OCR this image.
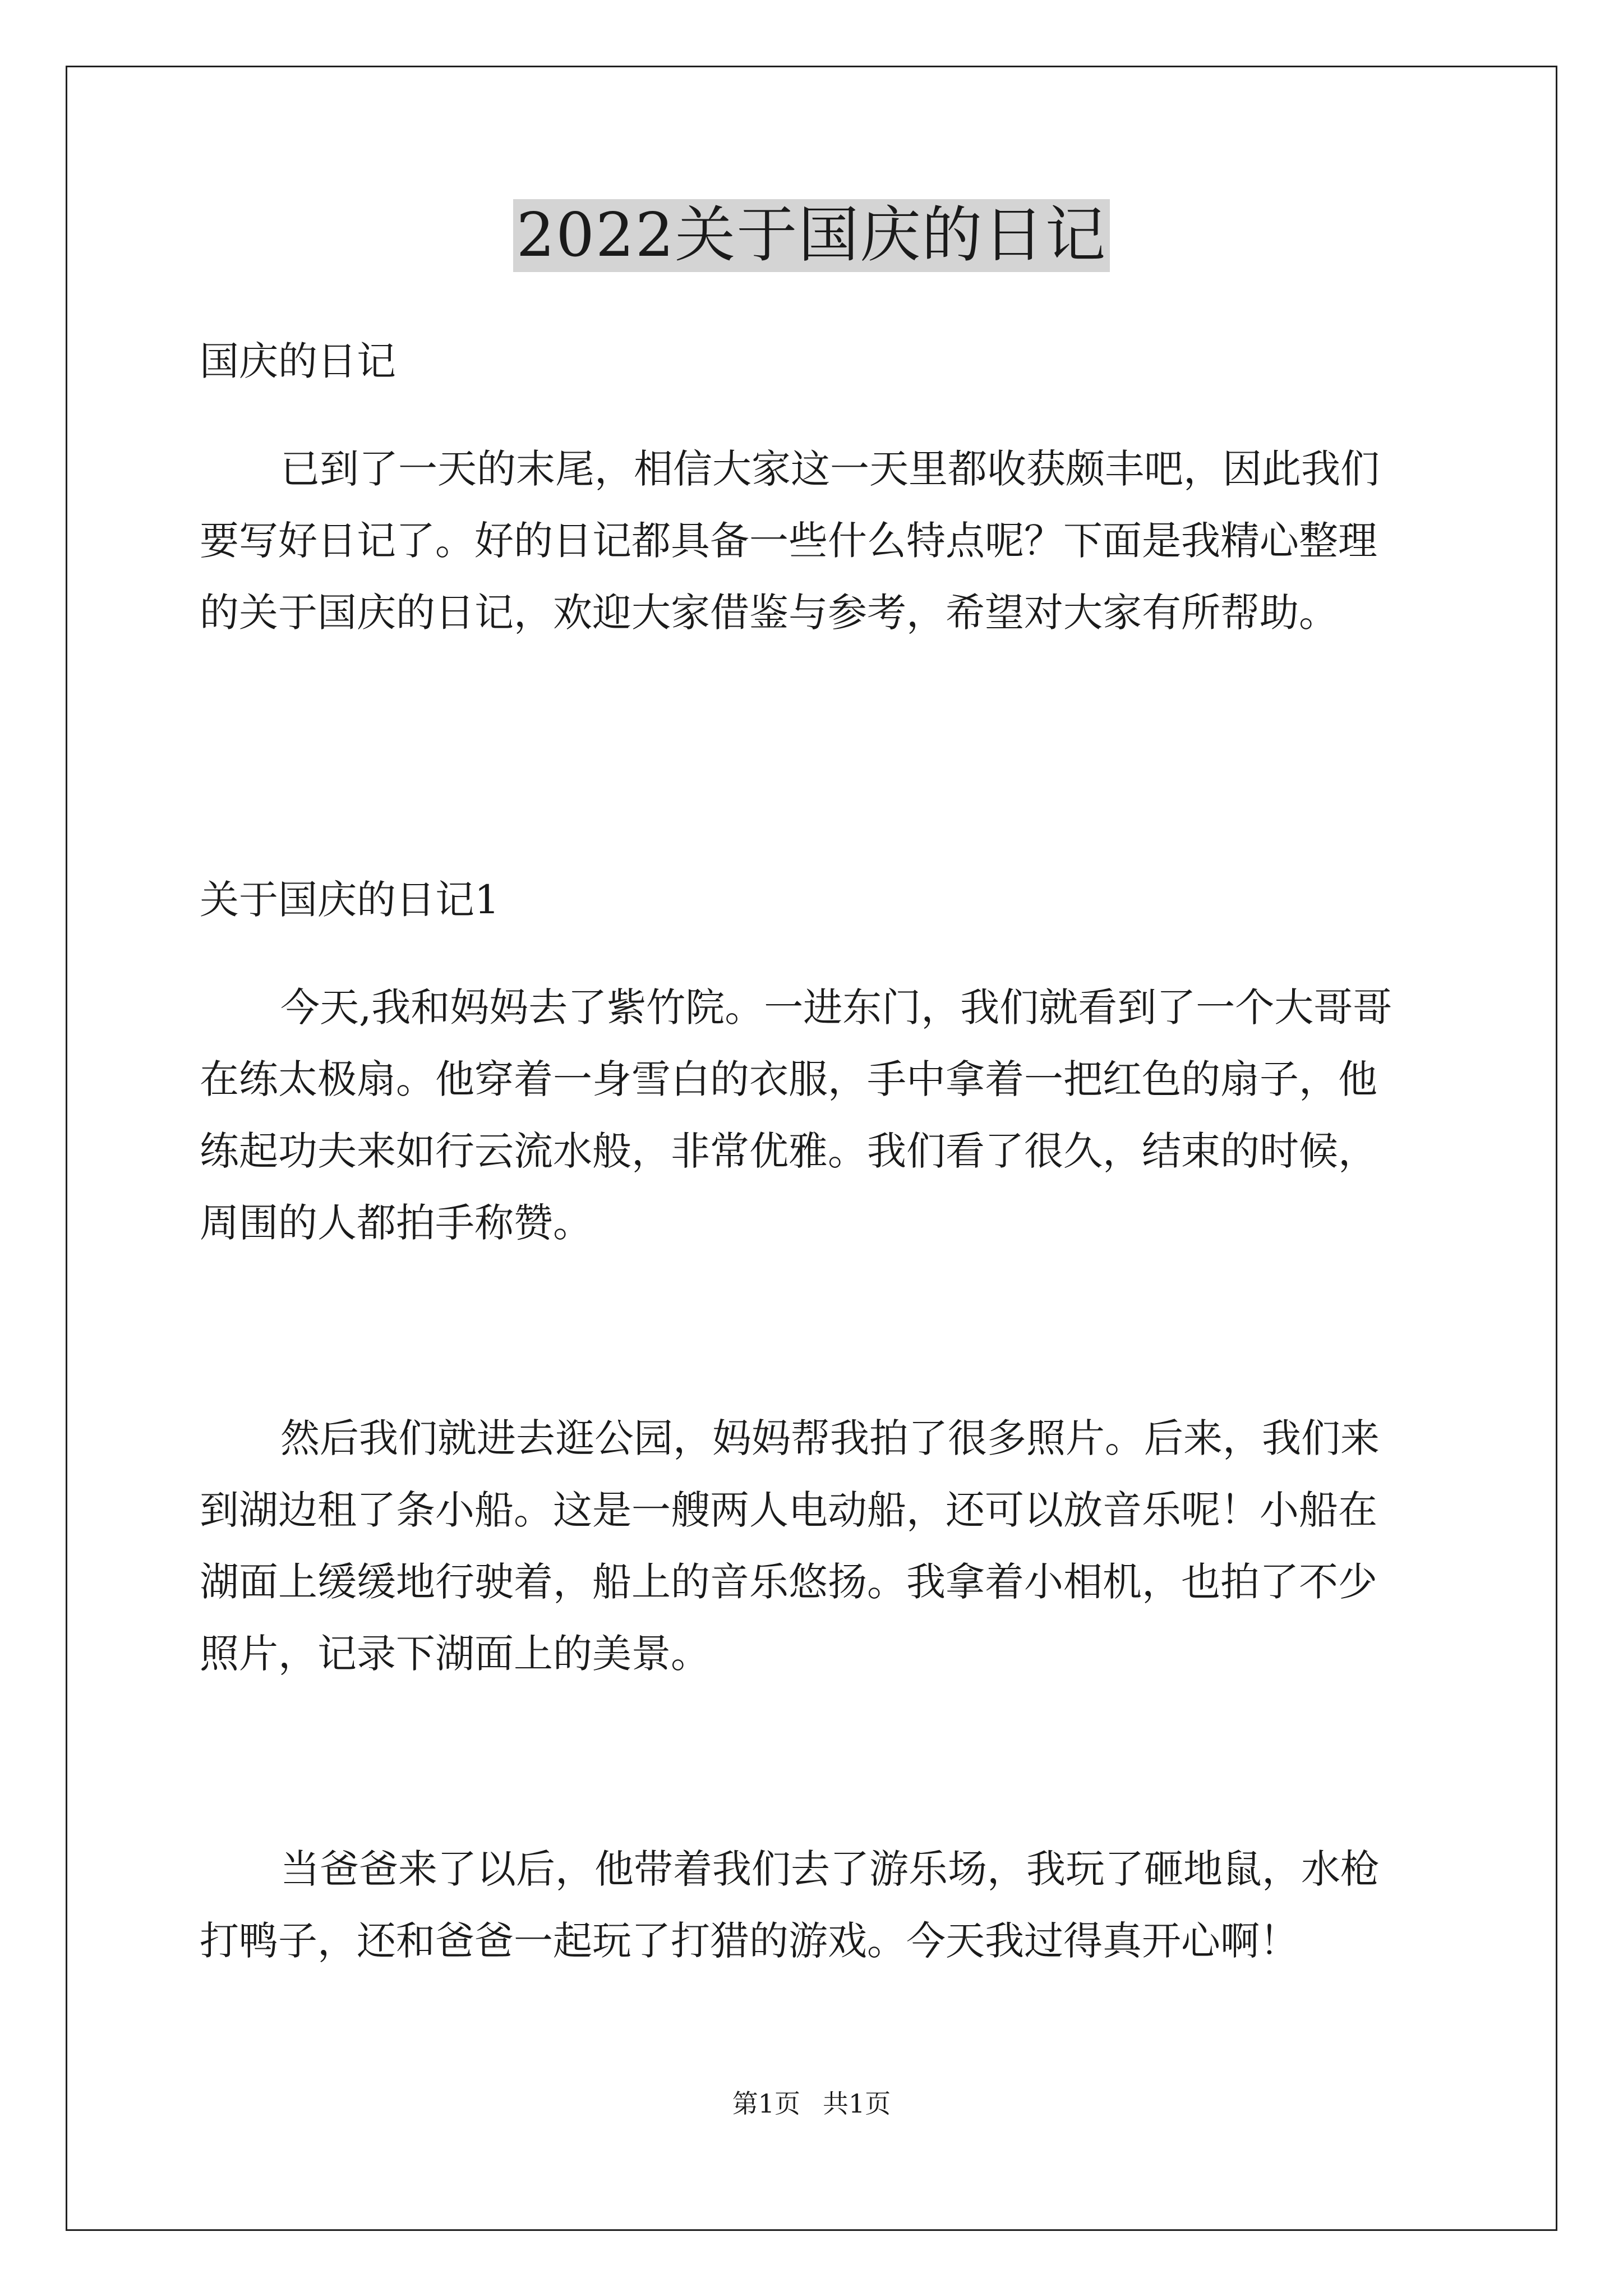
2022关于国庆的日记

国庆的日记

已到了一天的末尾，相信大家这一天里都收获颇丰吧，因此我们

要写好日记了。好的日记都具备一些什么特点呢？下面是我精心整理

的关于国庆的日记，欢迎大家借鉴与参考，希望对大家有所帮助。

关于国庆的日记1

今天,我和妈妈去了紫竹院。一进东门，我们就看到了一个大哥哥

在练太极扇。他穿着一身雪白的衣服，手中拿着一把红色的扇子，他

练起功夫来如行云流水般，非常优雅。我们看了很久，结束的时候，

周围的人都拍手称赞。

然后我们就进去逛公园，妈妈帮我拍了很多照片。后来，我们来

到湖边租了条小船。这是一艘两人电动船，还可以放音乐呢！小船在

湖面上缓缓地行驶着，船上的音乐悠扬。我拿着小相机，也拍了不少

照片，记录下湖面上的美景。

当爸爸来了以后，他带着我们去了游乐场，我玩了砸地鼠，水枪

打鸭子，还和爸爸一起玩了打猎的游戏。今天我过得真开心啊！

第1页 共1页
